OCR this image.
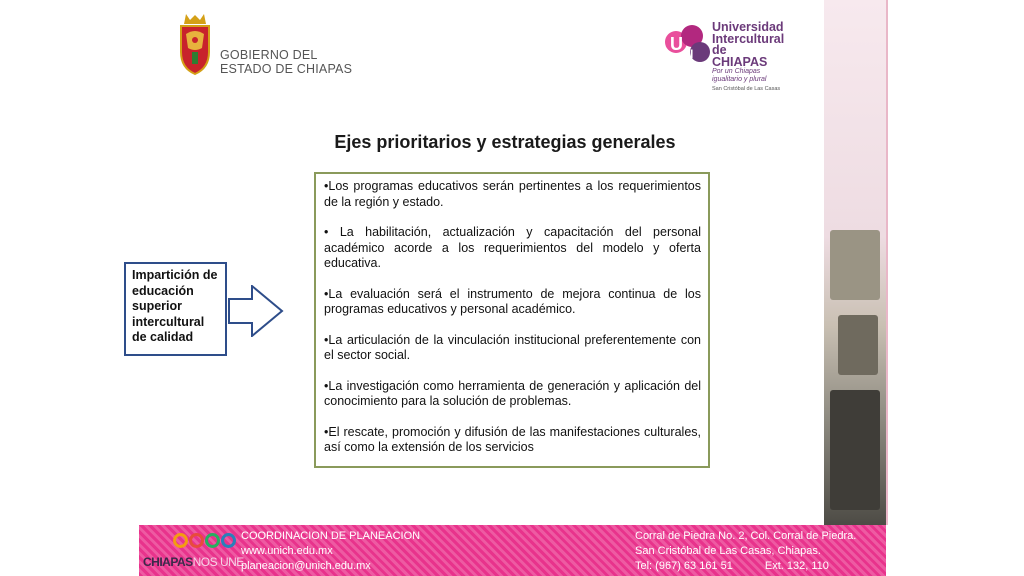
GOBIERNO DEL
ESTADO DE CHIAPAS
U I
Universidad
Intercultural
de CHIAPAS
Por un Chiapas igualitario y plural
San Cristóbal de Las Casas
Ejes prioritarios y estrategias generales
Impartición de educación superior intercultural de calidad

•Los programas educativos serán pertinentes a los requerimientos de la región y estado.

• La habilitación, actualización y capacitación del personal académico acorde a los requerimientos del modelo y oferta educativa.

•La evaluación será el instrumento de mejora continua de los programas educativos y personal académico.

•La articulación de la vinculación institucional preferentemente con el sector social.

•La investigación como herramienta de generación y aplicación del conocimiento para la solución de problemas.

•El rescate, promoción y difusión de las manifestaciones culturales, así como la extensión de los servicios

CHIAPASNOS UNE
COORDINACION DE PLANEACION
www.unich.edu.mx
planeacion@unich.edu.mx
Corral de Piedra No. 2, Col. Corral de Piedra.
San Cristóbal de Las Casas, Chiapas.
Tel: (967) 63 161 51	Ext. 132, 110
